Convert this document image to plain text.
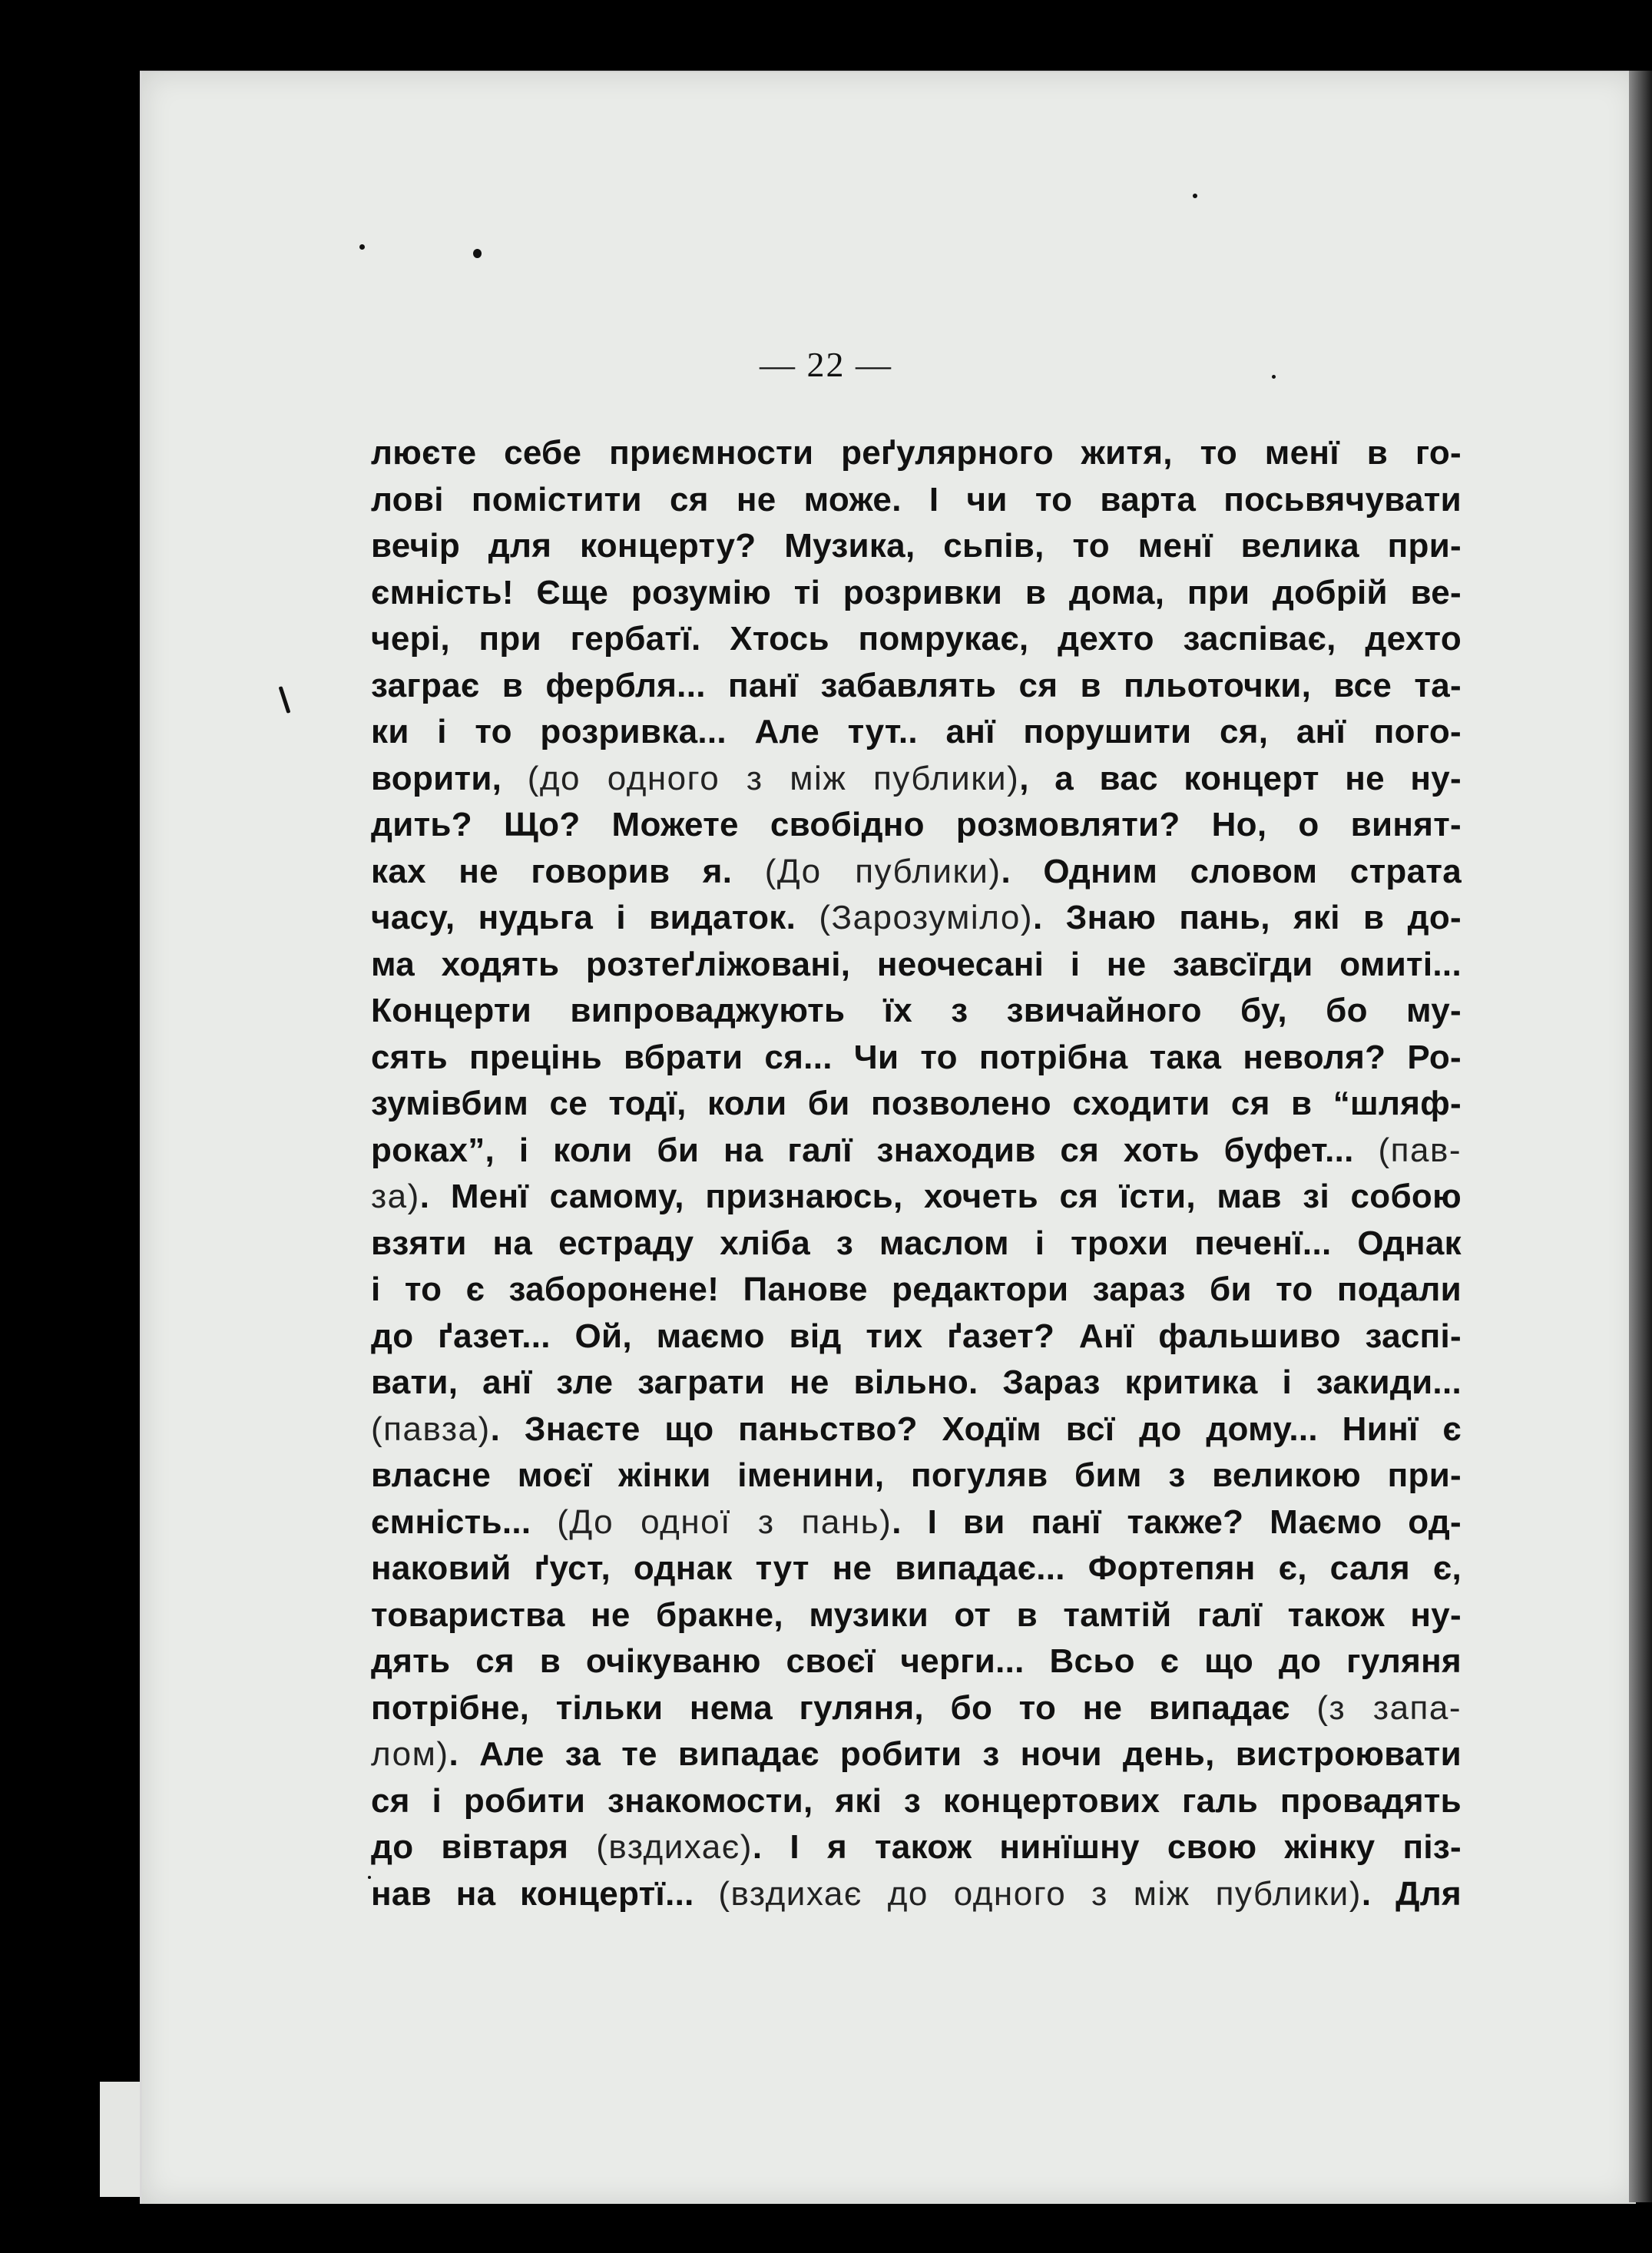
— 22 —
люєте себе приємности реґулярного житя, то менї в го-
лові помістити ся не може. І чи то варта посьвячувати
вечір для концерту? Музика, сьпів, то менї велика при-
ємність! Єще розумію ті розривки в дома, при добрій ве-
чері, при гербатї. Хтось помрукає, дехто заспіває, дехто
заграє в фербля... панї забавлять ся в пльоточки, все та-
ки і то розривка... Але тут.. анї порушити ся, анї пого-
ворити, (до одного з між публики), а вас концерт не ну-
дить? Що? Можете свобідно розмовляти? Но, о винят-
ках не говорив я. (До публики). Одним словом страта
часу, нудьга і видаток. (Зарозуміло). Знаю пань, які в до-
ма ходять розтеґліжовані, неочесані і не завсїгди омиті...
Концерти випроваджують їх з звичайного бу, бо му-
сять прецінь вбрати ся... Чи то потрібна така неволя? Ро-
зумівбим се тодї, коли би позволено сходити ся в “шляф-
роках”, і коли би на галї знаходив ся хоть буфет... (пав-
за). Менї самому, признаюсь, хочеть ся їсти, мав зі собою
взяти на естраду хліба з маслом і трохи печенї... Однак
і то є заборонене! Панове редактори зараз би то подали
до ґазет... Ой, маємо від тих ґазет? Анї фальшиво заспі-
вати, анї зле заграти не вільно. Зараз критика і закиди...
(павза). Знаєте що паньство? Ходїм всї до дому... Нинї є
власне моєї жінки іменини, погуляв бим з великою при-
ємність... (До одної з пань). І ви панї также? Маємо од-
наковий ґуст, однак тут не випадає... Фортепян є, саля є,
товариства не бракне, музики от в тамтій галї також ну-
дять ся в очікуваню своєї черги... Всьо є що до гуляня
потрібне, тільки нема гуляня, бо то не випадає (з запа-
лом). Але за те випадає робити з ночи день, вистроювати
ся і робити знакомости, які з концертових галь провадять
до вівтаря (вздихає). І я також нинїшну свою жінку піз-
нав на концертї... (вздихає до одного з між публики). Для
